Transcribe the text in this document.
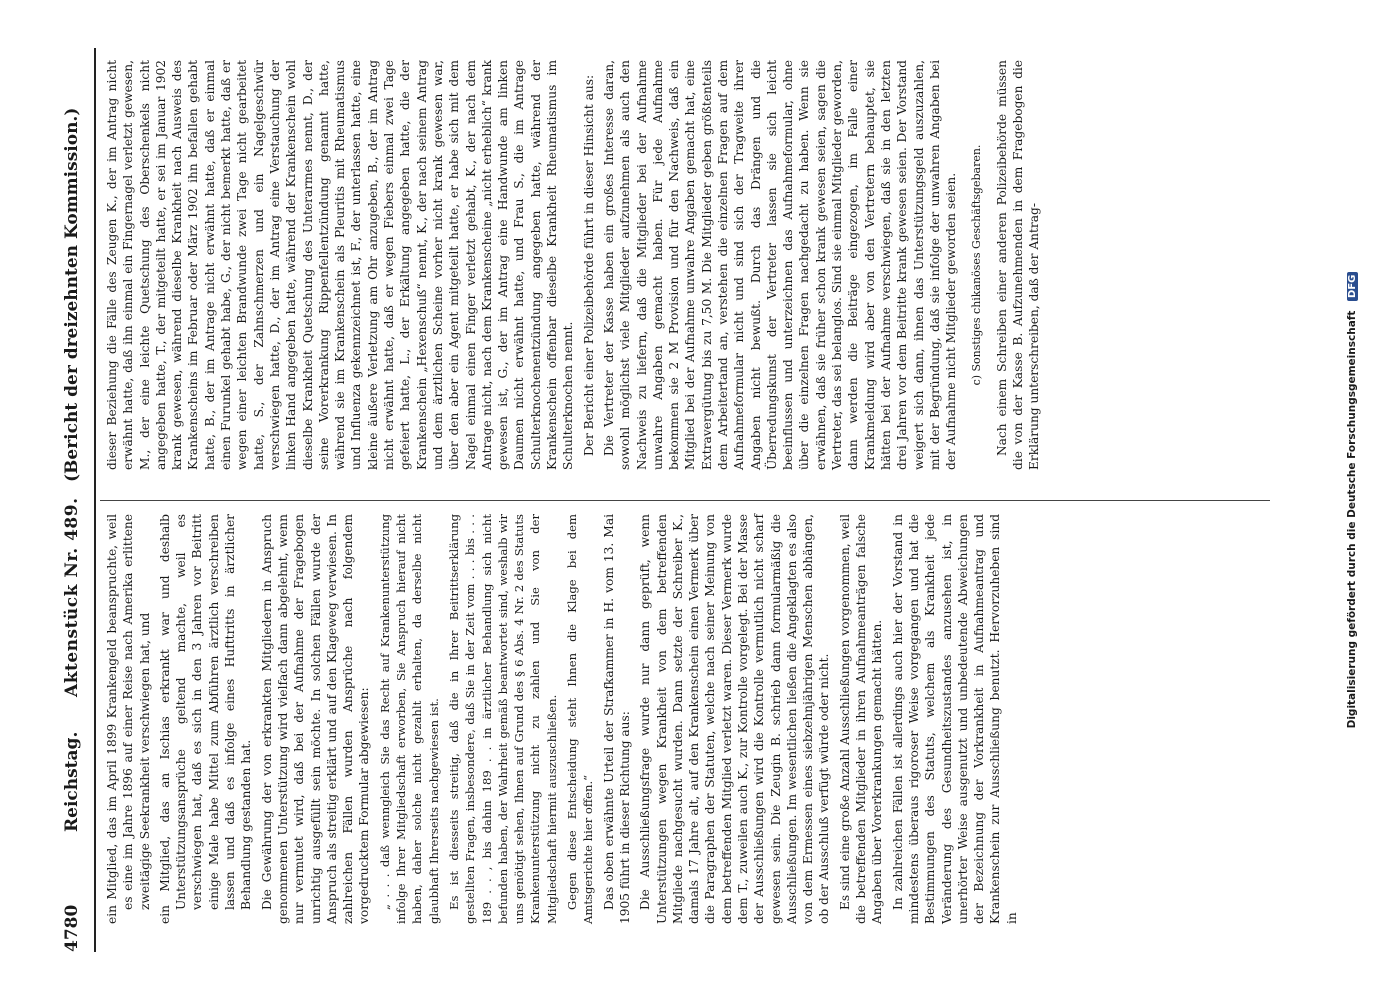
4780
Reichstag.
Aktenstück Nr. 489.
(Bericht der dreizehnten Kommission.)

ein Mitglied, das im April 1899 Krankengeld beanspruchte, weil es eine im Jahre 1896 auf einer Reise nach Amerika erlittene zweitägige Seekrankheit verschwiegen hat, und ein Mitglied, das an Ischias erkrankt war und deshalb Unterstützungsansprüche geltend machte, weil es verschwiegen hat, daß es sich in den 3 Jahren vor Beitritt einige Male habe Mittel zum Abführen ärztlich verschreiben lassen und daß es infolge eines Hufttritts in ärztlicher Behandlung gestanden hat. Die Gewährung der von erkrankten Mitgliedern in Anspruch genommenen Unterstützung wird vielfach dann abgelehnt, wenn nur vermutet wird, daß bei der Aufnahme der Fragebogen unrichtig ausgefüllt sein möchte. In solchen Fällen wurde der Anspruch als streitig erklärt und auf den Klageweg verwiesen. In zahlreichen Fällen wurden Ansprüche nach folgendem vorgedrucktem Formular abgewiesen: „ . . . daß wenngleich Sie das Recht auf Krankenunterstützung infolge Ihrer Mitgliedschaft erworben, Sie Anspruch hierauf nicht haben, daher solche nicht gezahlt erhalten, da derselbe nicht glaubhaft Ihrerseits nachgewiesen ist. Es ist diesseits streitig, daß die in Ihrer Beitrittserklärung gestellten Fragen, insbesondere, daß Sie in der Zeit vom . . . bis . . . 189 . . , bis dahin 189 . . in ärztlicher Behandlung sich nicht befunden haben, der Wahrheit gemäß beantwortet sind, weshalb wir uns genötigt sehen, Ihnen auf Grund des § 6 Abs. 4 Nr. 2 des Statuts Krankenunterstützung nicht zu zahlen und Sie von der Mitgliedschaft hiermit auszuschließen. Gegen diese Entscheidung steht Ihnen die Klage bei dem Amtsgerichte hier offen.“ Das oben erwähnte Urteil der Strafkammer in H. vom 13. Mai 1905 führt in dieser Richtung aus: Die Ausschließungsfrage wurde nur dann geprüft, wenn Unterstützungen wegen Krankheit von dem betreffenden Mitgliede nachgesucht wurden. Dann setzte der Schreiber K., damals 17 Jahre alt, auf den Krankenschein einen Vermerk über die Paragraphen der Statuten, welche nach seiner Meinung von dem betreffenden Mitglied verletzt waren. Dieser Vermerk wurde dem T., zuweilen auch K., zur Kontrolle vorgelegt. Bei der Masse der Ausschließungen wird die Kontrolle vermutlich nicht scharf gewesen sein. Die Zeugin B. schrieb dann formularmäßig die Ausschließungen. Im wesentlichen ließen die Angeklagten es also von dem Ermessen eines siebzehnjährigen Menschen abhängen, ob der Ausschluß verfügt würde oder nicht. Es sind eine große Anzahl Ausschließungen vorgenommen, weil die betreffenden Mitglieder in ihren Aufnahmeanträgen falsche Angaben über Vorerkrankungen gemacht hätten. In zahlreichen Fällen ist allerdings auch hier der Vorstand in mindestens überaus rigoroser Weise vorgegangen und hat die Bestimmungen des Statuts, welchem als Krankheit jede Veränderung des Gesundheitszustandes anzusehen ist, in unerhörter Weise ausgenutzt und unbedeutende Abweichungen der Bezeichnung der Vorkrankheit in Aufnahmeantrag und Krankenschein zur Ausschließung benutzt. Hervorzuheben sind in

dieser Beziehung die Fälle des Zeugen K., der im Antrag nicht erwähnt hatte, daß ihn einmal ein Fingernagel verletzt gewesen, M., der eine leichte Quetschung des Oberschenkels nicht angegeben hatte, T., der mitgeteilt hatte, er sei im Januar 1902 krank gewesen, während dieselbe Krankheit nach Ausweis des Krankenscheins im Februar oder März 1902 ihn befallen gehabt hatte, B., der im Antrage nicht erwähnt hatte, daß er einmal einen Furunkel gehabt habe, G., der nicht bemerkt hatte, daß er wegen einer leichten Brandwunde zwei Tage nicht gearbeitet hatte, S., der Zahnschmerzen und ein Nagelgeschwür verschwiegen hatte, D., der im Antrag eine Verstauchung der linken Hand angegeben hatte, während der Krankenschein wohl dieselbe Krankheit Quetschung des Unterarmes nennt, D., der seine Vorerkrankung Rippenfellentzündung genannt hatte, während sie im Krankenschein als Pleuritis mit Rheumatismus und Influenza gekennzeichnet ist, F., der unterlassen hatte, eine kleine äußere Verletzung am Ohr anzugeben, B., der im Antrag nicht erwähnt hatte, daß er wegen Fiebers einmal zwei Tage gefeiert hatte, L., der Erkältung angegeben hatte, die der Krankenschein „Hexenschuß“ nennt, K., der nach seinem Antrag und dem ärztlichen Scheine vorher nicht krank gewesen war, über den aber ein Agent mitgeteilt hatte, er habe sich mit dem Nagel einmal einen Finger verletzt gehabt, K., der nach dem Antrage nicht, nach dem Krankenscheine „nicht erheblich“ krank gewesen ist, G., der im Antrag eine Handwunde am linken Daumen nicht erwähnt hatte, und Frau S., die im Antrage Schulterknochenentzündung angegeben hatte, während der Krankenschein offenbar dieselbe Krankheit Rheumatismus im Schulterknochen nennt. Der Bericht einer Polizeibehörde führt in dieser Hinsicht aus: Die Vertreter der Kasse haben ein großes Interesse daran, sowohl möglichst viele Mitglieder aufzunehmen als auch den Nachweis zu liefern, daß die Mitglieder bei der Aufnahme unwahre Angaben gemacht haben. Für jede Aufnahme bekommen sie 2 M Provision und für den Nachweis, daß ein Mitglied bei der Aufnahme unwahre Angaben gemacht hat, eine Extravergütung bis zu 7,50 M. Die Mitglieder geben größtenteils dem Arbeitertand an, verstehen die einzelnen Fragen auf dem Aufnahmeformular nicht und sind sich der Tragweite ihrer Angaben nicht bewußt. Durch das Drängen und die Überredungskunst der Vertreter lassen sie sich leicht beeinflussen und unterzeichnen das Aufnahmeformular, ohne über die einzelnen Fragen nachgedacht zu haben. Wenn sie erwähnen, daß sie früher schon krank gewesen seien, sagen die Vertreter, das sei belanglos. Sind sie einmal Mitglieder geworden, dann werden die Beiträge eingezogen, im Falle einer Krankmeldung wird aber von den Vertretern behauptet, sie hätten bei der Aufnahme verschwiegen, daß sie in den letzten drei Jahren vor dem Beitritte krank gewesen seien. Der Vorstand weigert sich dann, ihnen das Unterstützungsgeld auszuzahlen, mit der Begründung, daß sie infolge der unwahren Angaben bei der Aufnahme nicht Mitglieder geworden seien. c) Sonstiges chikanöses Geschäftsgebaren. Nach einem Schreiben einer anderen Polizeibehörde müssen die von der Kasse B. Aufzunehmenden in dem Fragebogen die Erklärung unterschreiben, daß der Antrag-	Digitalisierung gefördert durch die Deutsche Forschungsgemeinschaft DFG
